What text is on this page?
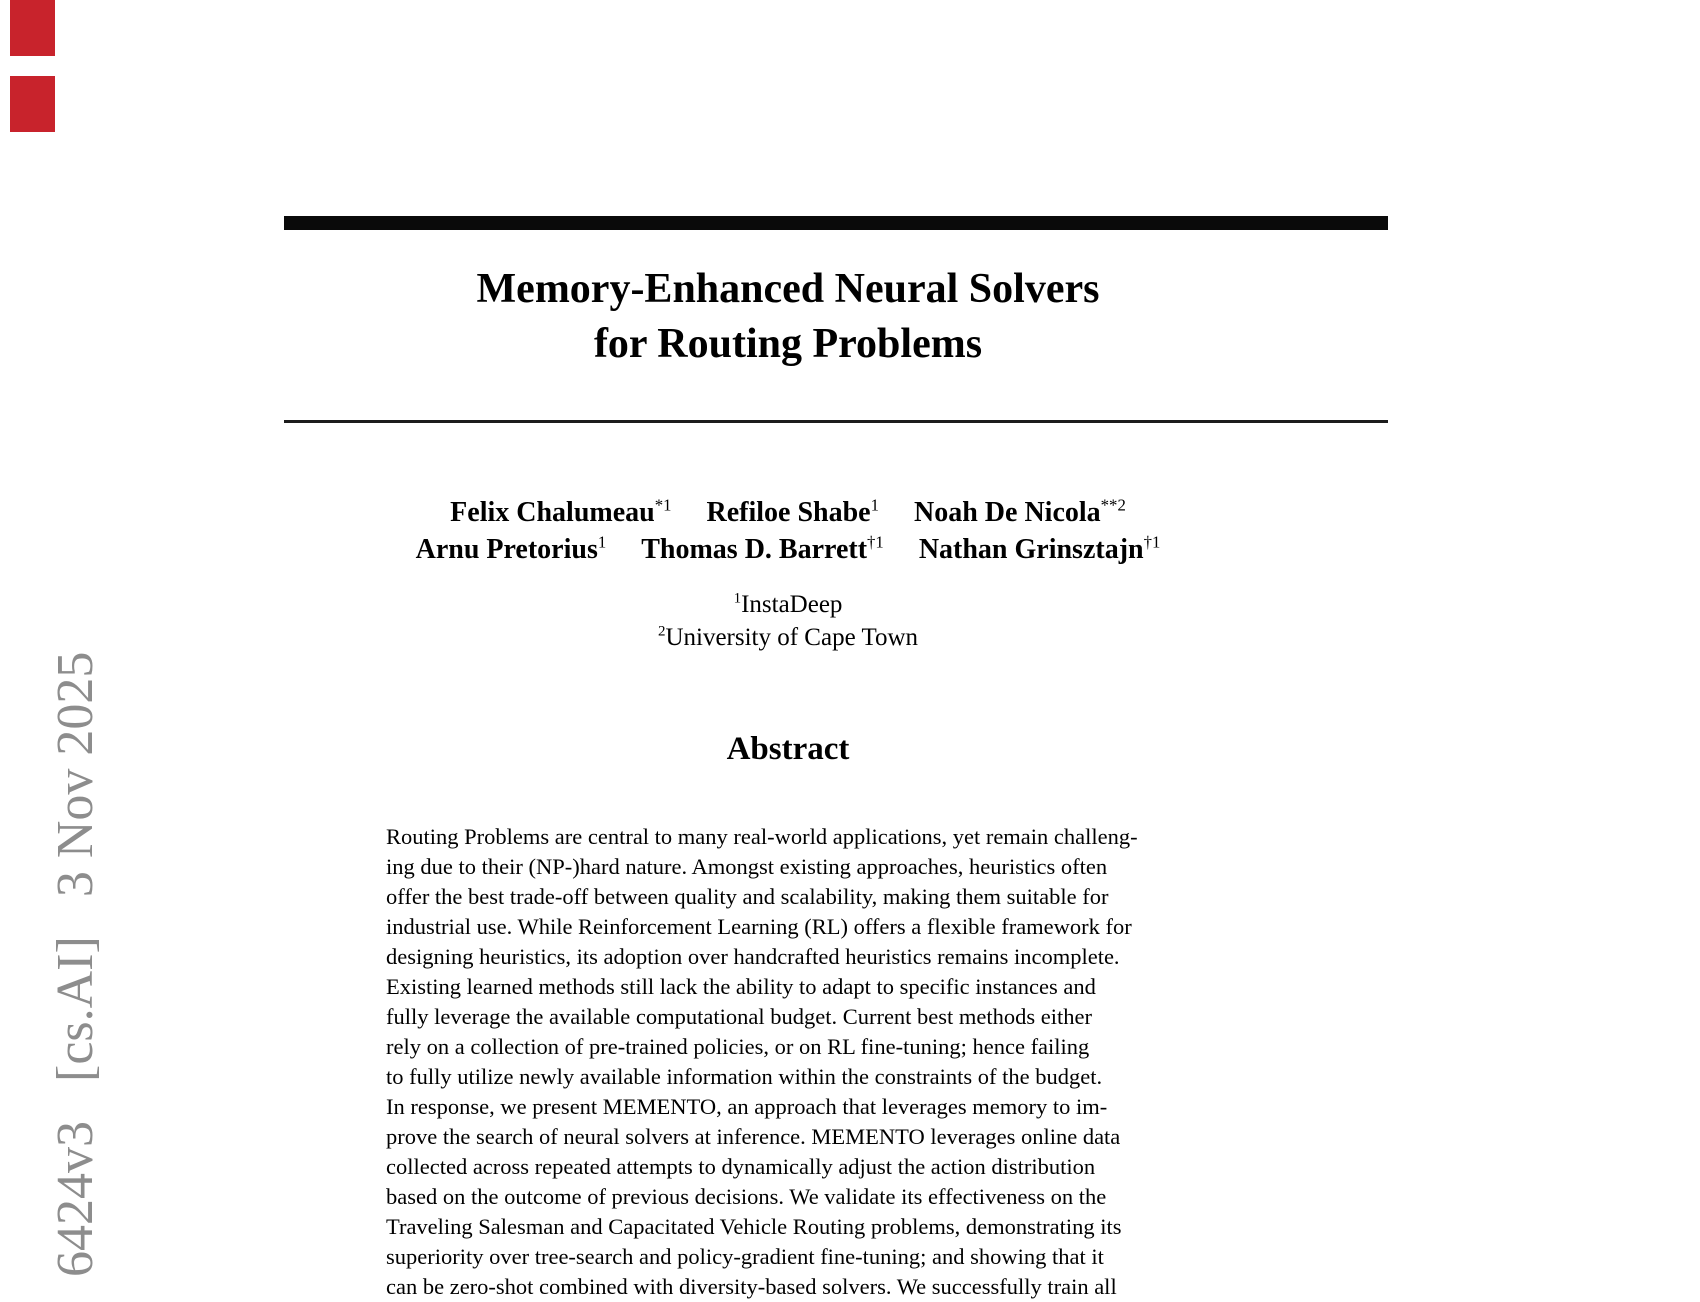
6424v3   [cs.AI]   3 Nov 2025
Memory-Enhanced Neural Solvers
for Routing Problems
Felix Chalumeau$^{*1}$ Refiloe Shabe$^1$ Noah De Nicola$^{**2}$
Arnu Pretorius$^1$ Thomas D. Barrett$^{\dagger 1}$ Nathan Grinsztajn$^{\dagger 1}$
$^1$InstaDeep
$^2$University of Cape Town
Abstract
Routing Problems are central to many real-world applications, yet remain challeng-
ing due to their (NP-)hard nature. Amongst existing approaches, heuristics often
offer the best trade-off between quality and scalability, making them suitable for
industrial use. While Reinforcement Learning (RL) offers a flexible framework for
designing heuristics, its adoption over handcrafted heuristics remains incomplete.
Existing learned methods still lack the ability to adapt to specific instances and
fully leverage the available computational budget. Current best methods either
rely on a collection of pre-trained policies, or on RL fine-tuning; hence failing
to fully utilize newly available information within the constraints of the budget.
In response, we present MEMENTO, an approach that leverages memory to im-
prove the search of neural solvers at inference. MEMENTO leverages online data
collected across repeated attempts to dynamically adjust the action distribution
based on the outcome of previous decisions. We validate its effectiveness on the
Traveling Salesman and Capacitated Vehicle Routing problems, demonstrating its
superiority over tree-search and policy-gradient fine-tuning; and showing that it
can be zero-shot combined with diversity-based solvers. We successfully train all
